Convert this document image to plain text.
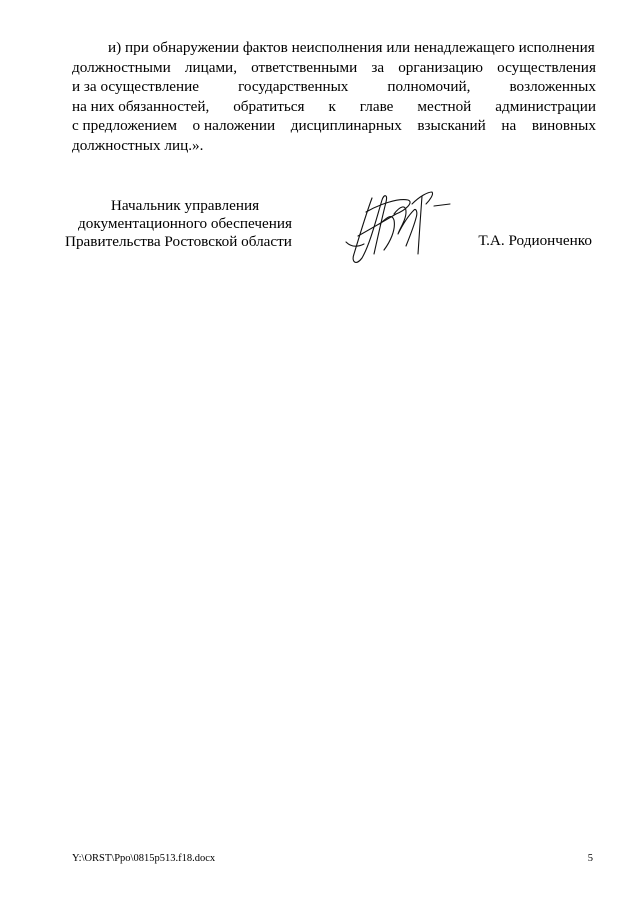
и) при обнаружении фактов неисполнения или ненадлежащего исполнения
должностными лицами, ответственными за организацию осуществления
и за осуществление	государственных	полномочий,	возложенных
на них обязанностей, обратиться к главе местной администрации
с предложением о наложении дисциплинарных взысканий на виновных
должностных лиц.».
Начальник управления
документационного обеспечения
Правительства Ростовской области	Т.А. Родионченко
Y:\ORST\Ppo\0815p513.f18.docx	5
